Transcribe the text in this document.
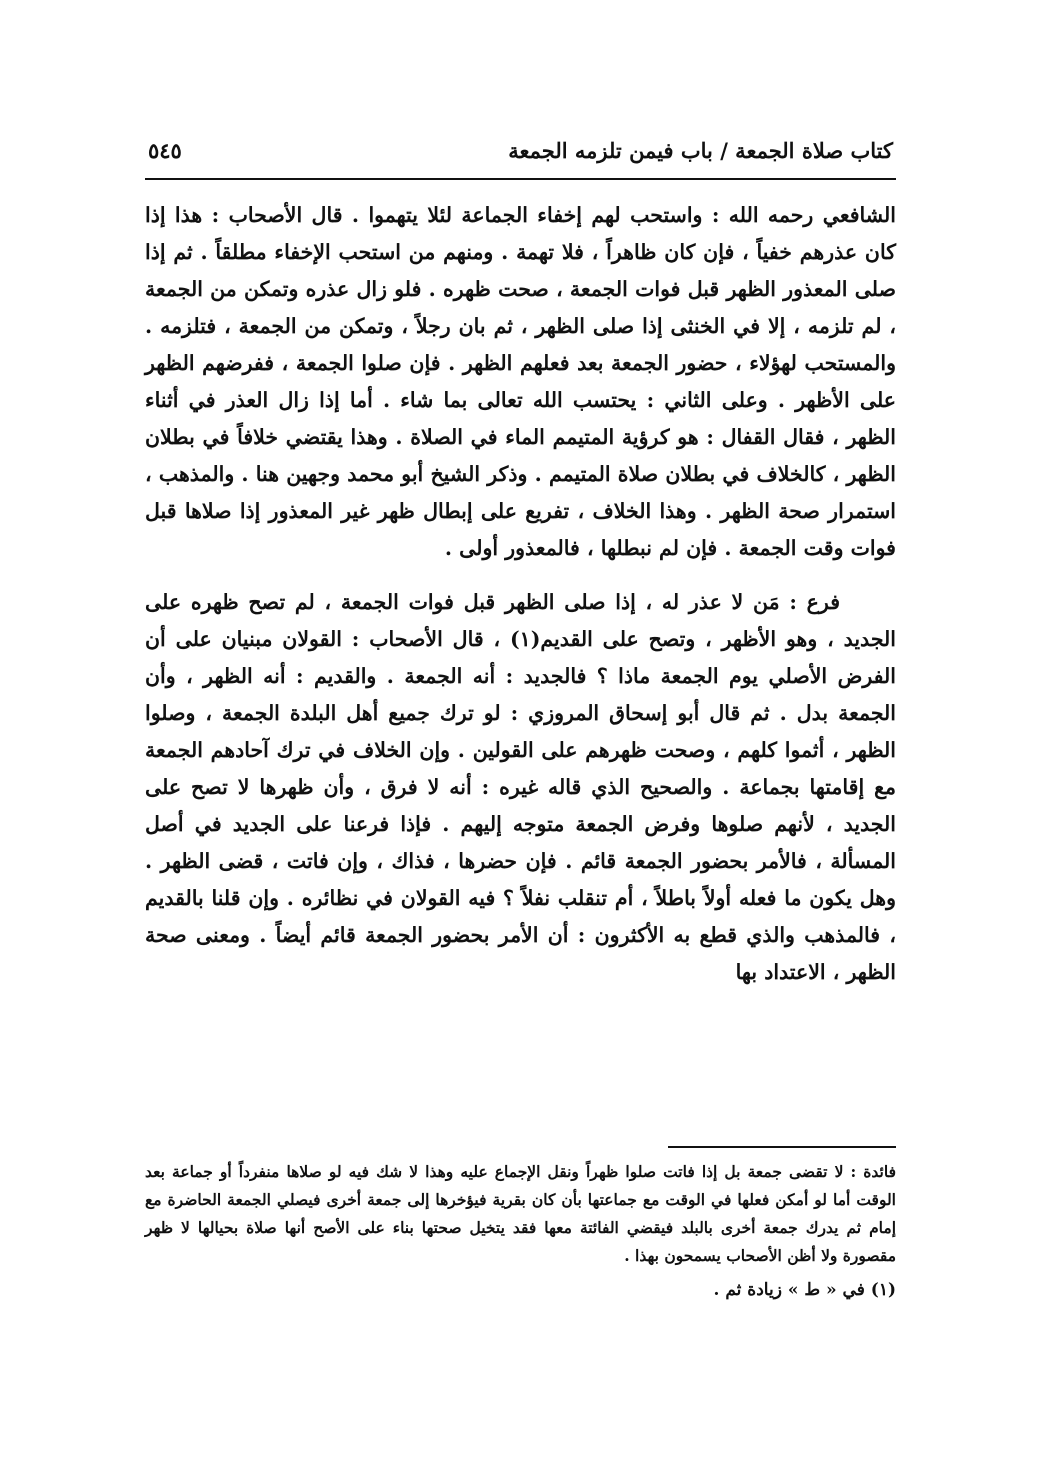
كتاب صلاة الجمعة / باب فيمن تلزمه الجمعة
٥٤٥

الشافعي رحمه الله : واستحب لهم إخفاء الجماعة لئلا يتهموا . قال الأصحاب : هذا إذا كان عذرهم خفياً ، فإن كان ظاهراً ، فلا تهمة . ومنهم من استحب الإخفاء مطلقاً . ثم إذا صلى المعذور الظهر قبل فوات الجمعة ، صحت ظهره . فلو زال عذره وتمكن من الجمعة ، لم تلزمه ، إلا في الخنثى إذا صلى الظهر ، ثم بان رجلاً ، وتمكن من الجمعة ، فتلزمه . والمستحب لهؤلاء ، حضور الجمعة بعد فعلهم الظهر . فإن صلوا الجمعة ، ففرضهم الظهر على الأظهر . وعلى الثاني : يحتسب الله تعالى بما شاء . أما إذا زال العذر في أثناء الظهر ، فقال القفال : هو كرؤية المتيمم الماء في الصلاة . وهذا يقتضي خلافاً في بطلان الظهر ، كالخلاف في بطلان صلاة المتيمم . وذكر الشيخ أبو محمد وجهين هنا . والمذهب ، استمرار صحة الظهر . وهذا الخلاف ، تفريع على إبطال ظهر غير المعذور إذا صلاها قبل فوات وقت الجمعة . فإن لم نبطلها ، فالمعذور أولى .

فرع : مَن لا عذر له ، إذا صلى الظهر قبل فوات الجمعة ، لم تصح ظهره على الجديد ، وهو الأظهر ، وتصح على القديم(١) ، قال الأصحاب : القولان مبنيان على أن الفرض الأصلي يوم الجمعة ماذا ؟ فالجديد : أنه الجمعة . والقديم : أنه الظهر ، وأن الجمعة بدل . ثم قال أبو إسحاق المروزي : لو ترك جميع أهل البلدة الجمعة ، وصلوا الظهر ، أثموا كلهم ، وصحت ظهرهم على القولين . وإن الخلاف في ترك آحادهم الجمعة مع إقامتها بجماعة . والصحيح الذي قاله غيره : أنه لا فرق ، وأن ظهرها لا تصح على الجديد ، لأنهم صلوها وفرض الجمعة متوجه إليهم . فإذا فرعنا على الجديد في أصل المسألة ، فالأمر بحضور الجمعة قائم . فإن حضرها ، فذاك ، وإن فاتت ، قضى الظهر . وهل يكون ما فعله أولاً باطلاً ، أم تنقلب نفلاً ؟ فيه القولان في نظائره . وإن قلنا بالقديم ، فالمذهب والذي قطع به الأكثرون : أن الأمر بحضور الجمعة قائم أيضاً . ومعنى صحة الظهر ، الاعتداد بها

فائدة : لا تقضى جمعة بل إذا فاتت صلوا ظهراً ونقل الإجماع عليه وهذا لا شك فيه لو صلاها منفرداً أو جماعة بعد الوقت أما لو أمكن فعلها في الوقت مع جماعتها بأن كان بقرية فيؤخرها إلى جمعة أخرى فيصلي الجمعة الحاضرة مع إمام ثم يدرك جمعة أخرى بالبلد فيقضي الفائتة معها فقد يتخيل صحتها بناء على الأصح أنها صلاة بحيالها لا ظهر مقصورة ولا أظن الأصحاب يسمحون بهذا .

(١) في « ط » زيادة ثم .
